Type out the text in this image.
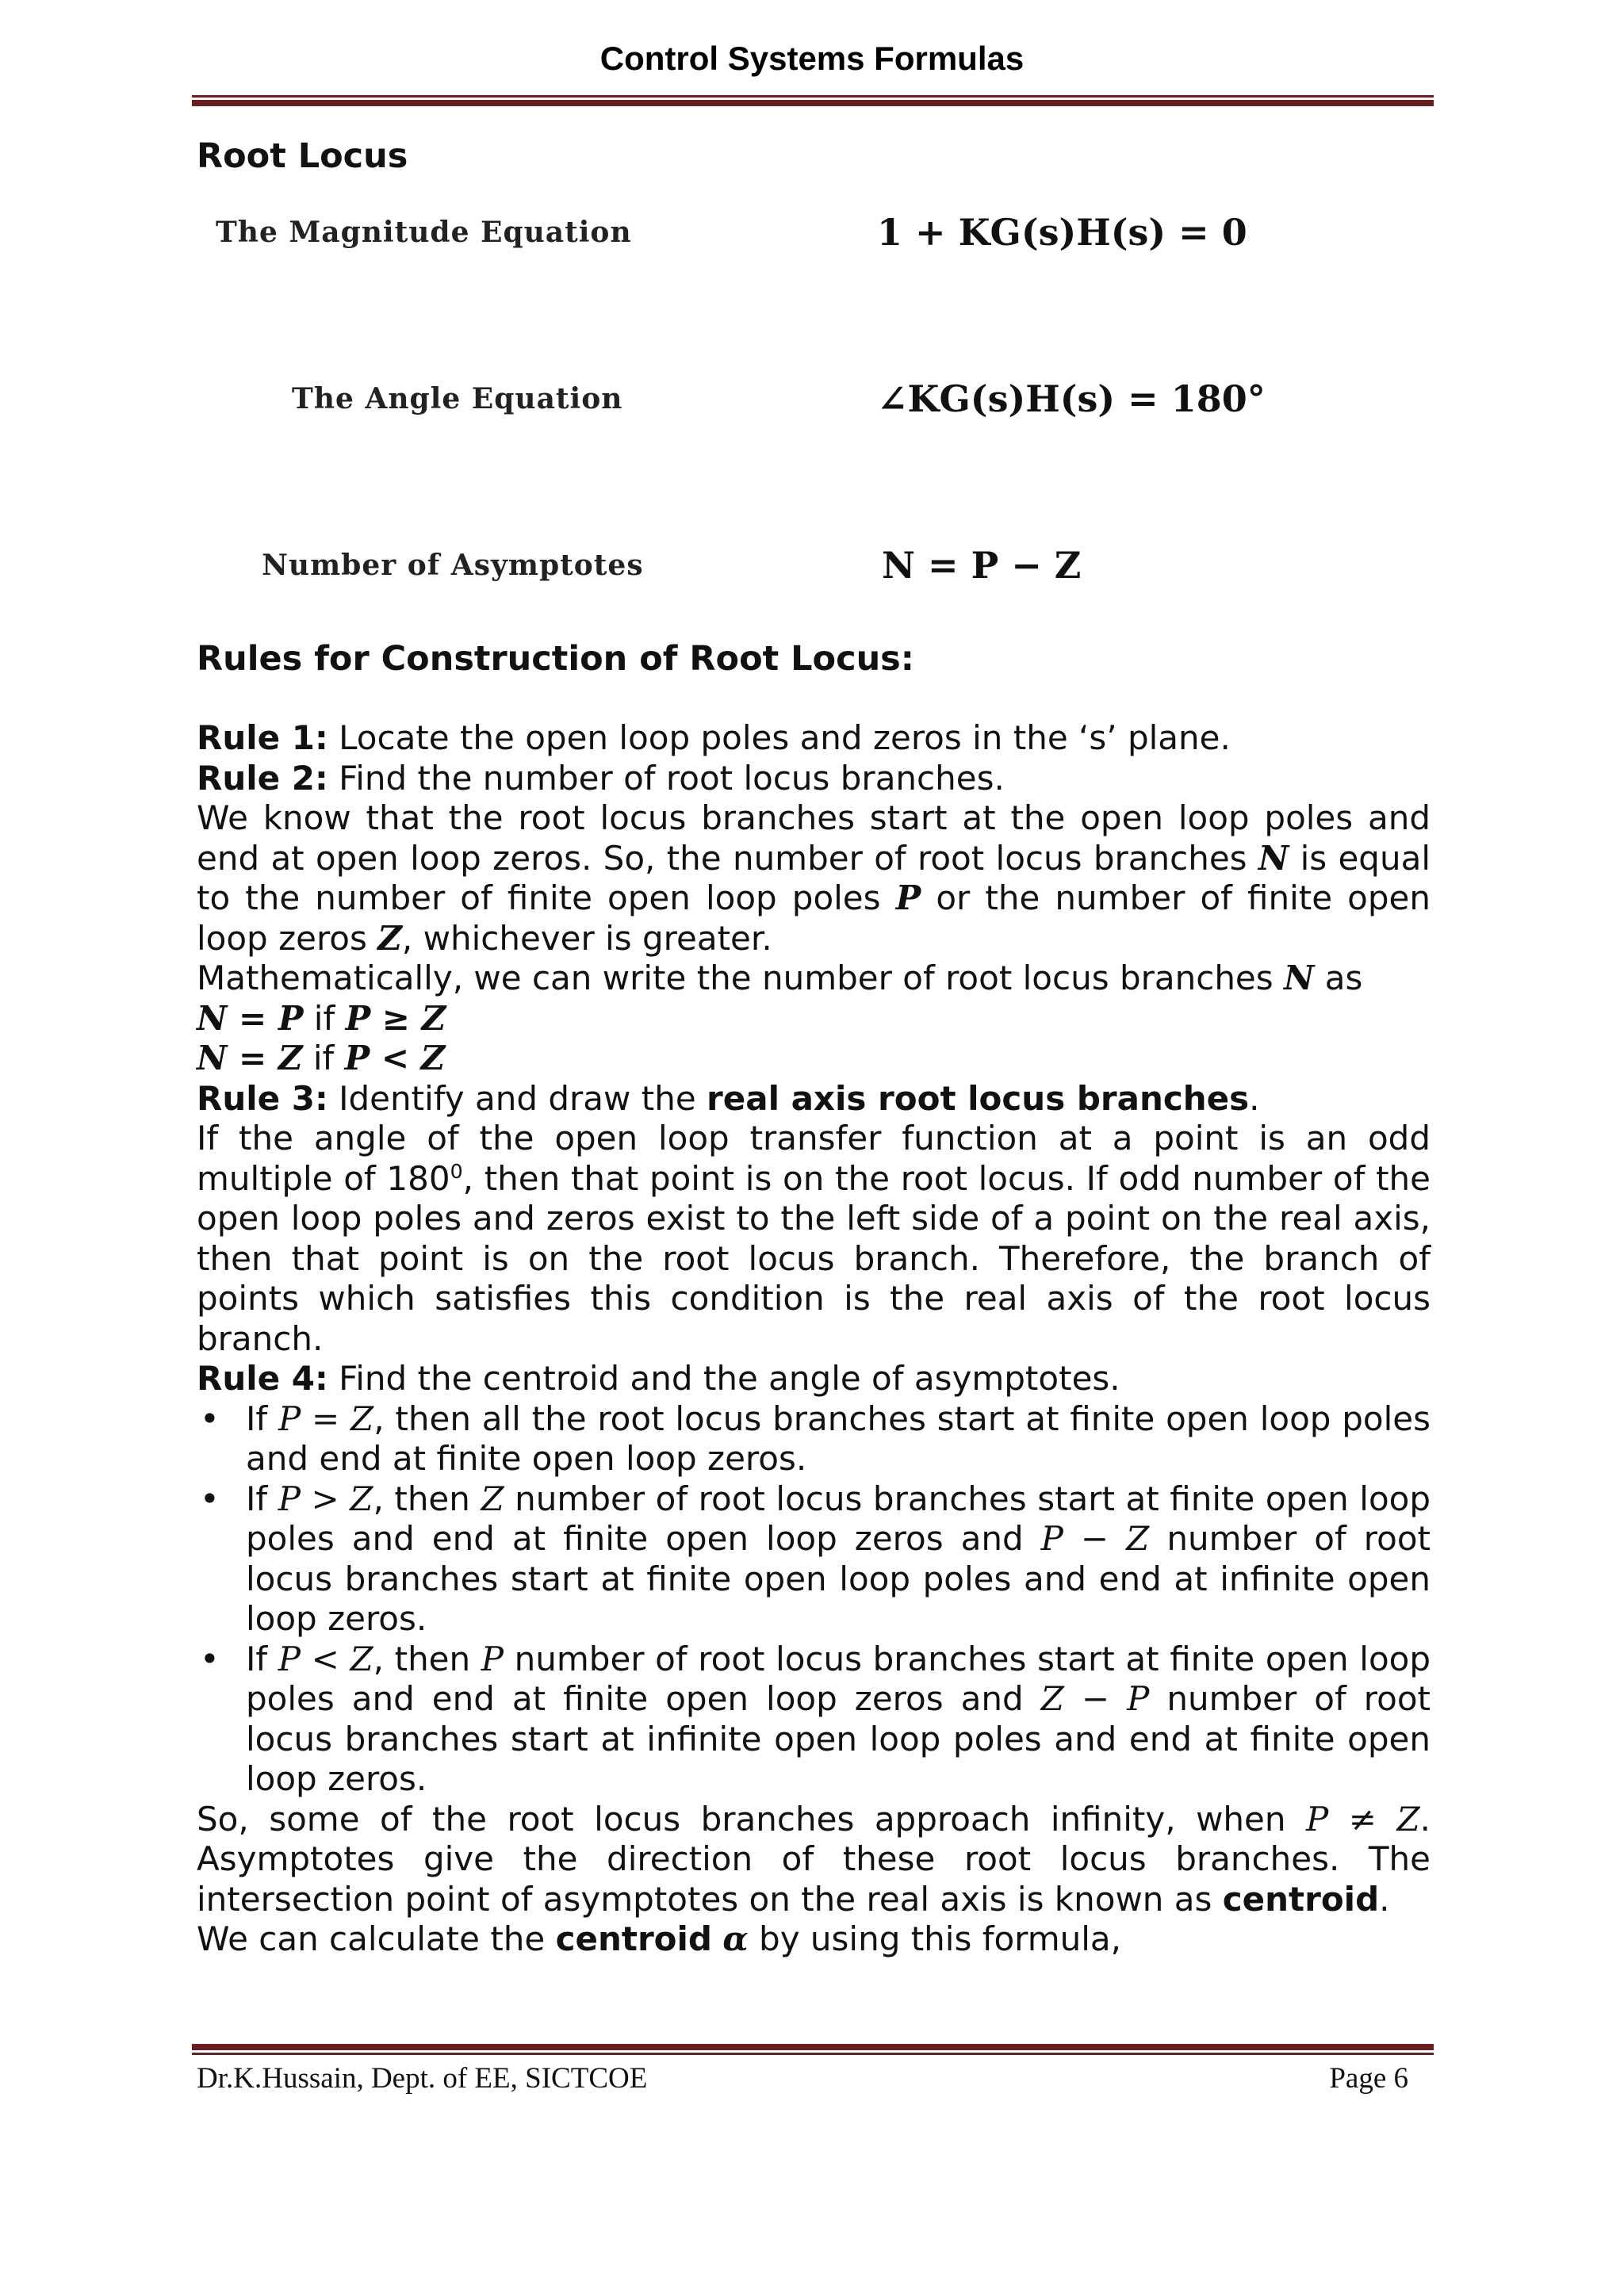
Control Systems Formulas
Root Locus
The Magnitude Equation	1 + KG(s)H(s) = 0
The Angle Equation	∠KG(s)H(s) = 180°
Number of Asymptotes	N = P − Z
Rules for Construction of Root Locus:

Rule 1: Locate the open loop poles and zeros in the ‘s’ plane.

Rule 2: Find the number of root locus branches.

We know that the root locus branches start at the open loop poles and end at open loop zeros. So, the number of root locus branches N is equal to the number of finite open loop poles P or the number of finite open loop zeros Z, whichever is greater.

Mathematically, we can write the number of root locus branches N as

N = P if P ≥ Z

N = Z if P < Z

Rule 3: Identify and draw the real axis root locus branches.

If the angle of the open loop transfer function at a point is an odd multiple of $180^0$, then that point is on the root locus. If odd number of the open loop poles and zeros exist to the left side of a point on the real axis, then that point is on the root locus branch. Therefore, the branch of points which satisfies this condition is the real axis of the root locus branch.

Rule 4: Find the centroid and the angle of asymptotes.

• If P = Z, then all the root locus branches start at finite open loop poles and end at finite open loop zeros.
• If P > Z, then Z number of root locus branches start at finite open loop poles and end at finite open loop zeros and P − Z number of root locus branches start at finite open loop poles and end at infinite open loop zeros.
• If P < Z, then P number of root locus branches start at finite open loop poles and end at finite open loop zeros and Z − P number of root locus branches start at infinite open loop poles and end at finite open loop zeros.

So, some of the root locus branches approach infinity, when P ≠ Z. Asymptotes give the direction of these root locus branches. The intersection point of asymptotes on the real axis is known as centroid.

We can calculate the centroid α by using this formula,

Dr.K.Hussain, Dept. of EE, SICTCOE	Page 6
